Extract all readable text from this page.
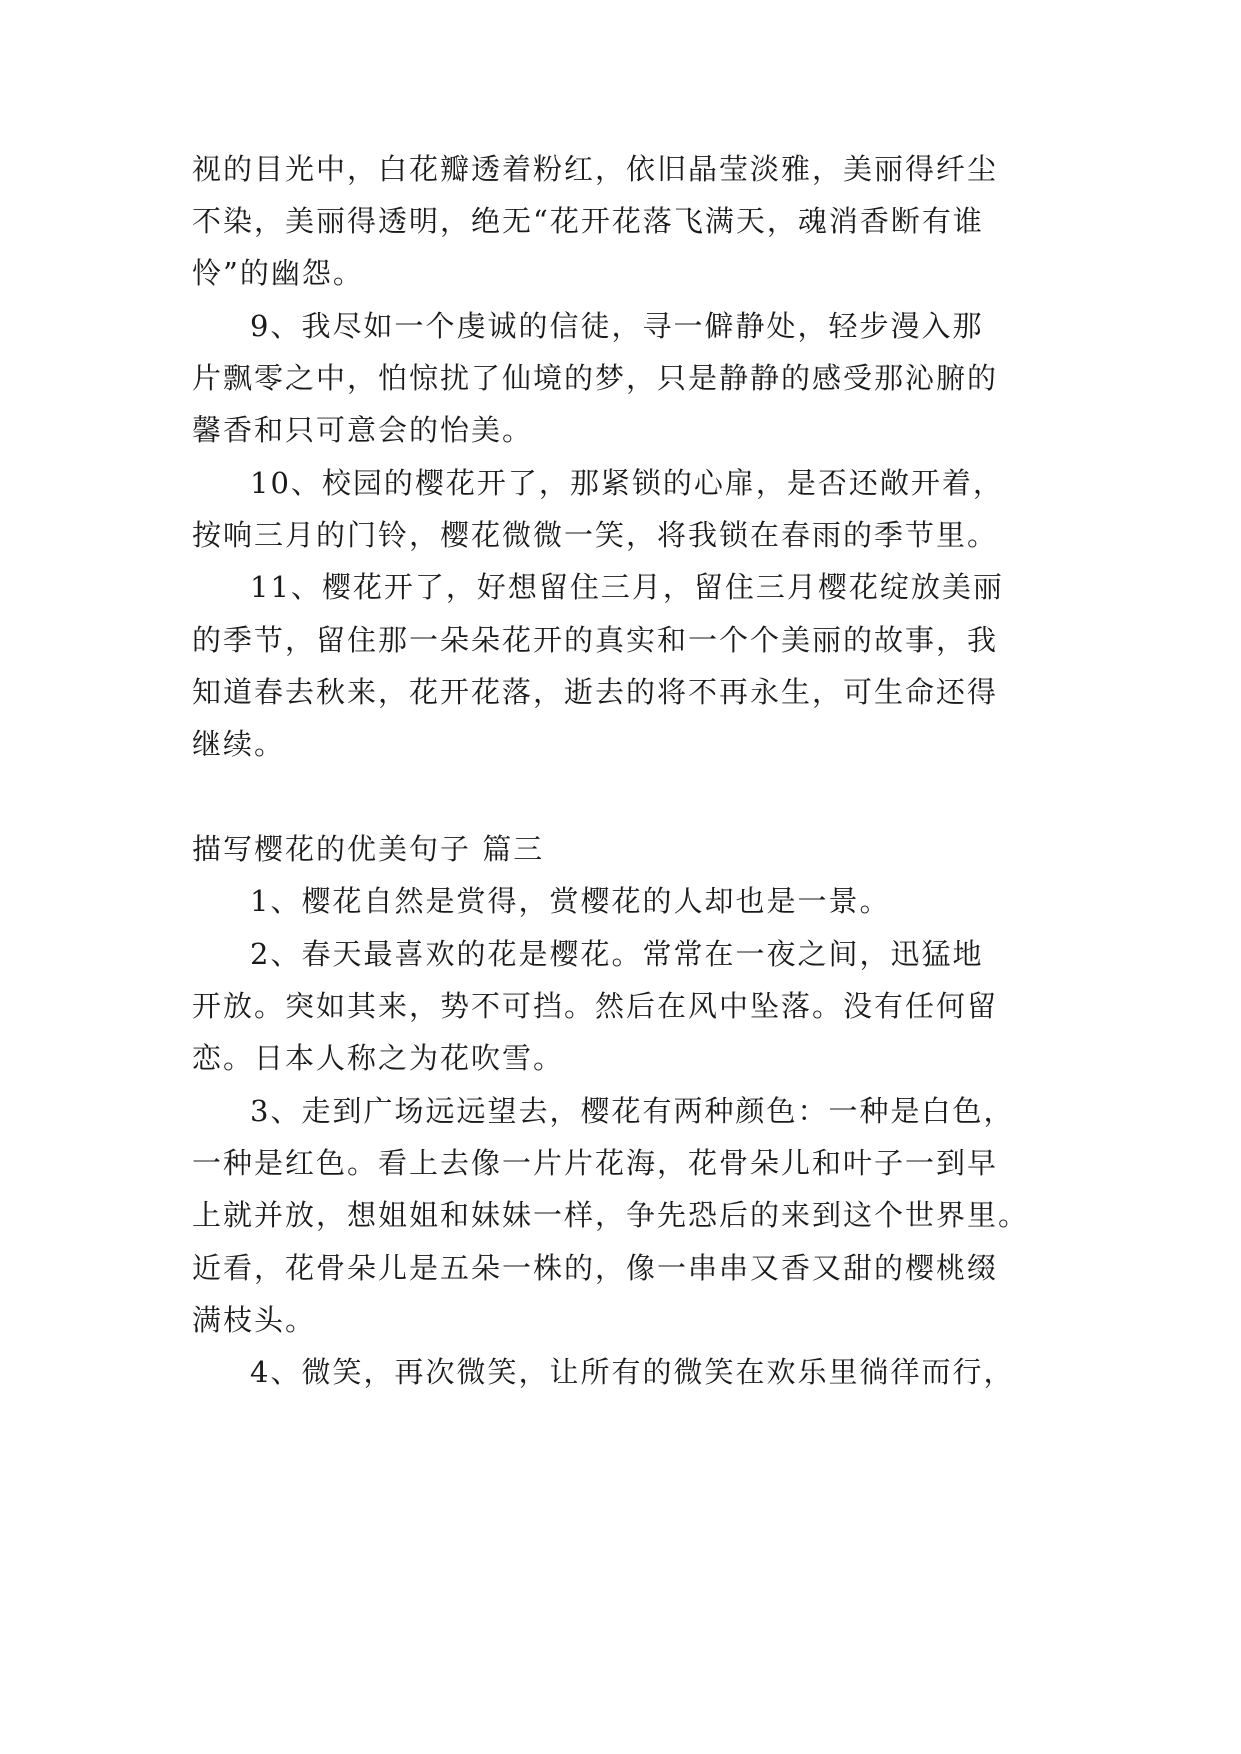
视的目光中，白花瓣透着粉红，依旧晶莹淡雅，美丽得纤尘
不染，美丽得透明，绝无“花开花落飞满天，魂消香断有谁
怜”的幽怨。
9、我尽如一个虔诚的信徒，寻一僻静处，轻步漫入那
片飘零之中，怕惊扰了仙境的梦，只是静静的感受那沁腑的
馨香和只可意会的怡美。
10、校园的樱花开了，那紧锁的心扉，是否还敞开着，
按响三月的门铃，樱花微微一笑，将我锁在春雨的季节里。
11、樱花开了，好想留住三月，留住三月樱花绽放美丽
的季节，留住那一朵朵花开的真实和一个个美丽的故事，我
知道春去秋来，花开花落，逝去的将不再永生，可生命还得
继续。
描写樱花的优美句子 篇三
1、樱花自然是赏得，赏樱花的人却也是一景。
2、春天最喜欢的花是樱花。常常在一夜之间，迅猛地
开放。突如其来，势不可挡。然后在风中坠落。没有任何留
恋。日本人称之为花吹雪。
3、走到广场远远望去，樱花有两种颜色：一种是白色，
一种是红色。看上去像一片片花海，花骨朵儿和叶子一到早
上就并放，想姐姐和妹妹一样，争先恐后的来到这个世界里。
近看，花骨朵儿是五朵一株的，像一串串又香又甜的樱桃缀
满枝头。
4、微笑，再次微笑，让所有的微笑在欢乐里徜徉而行，
